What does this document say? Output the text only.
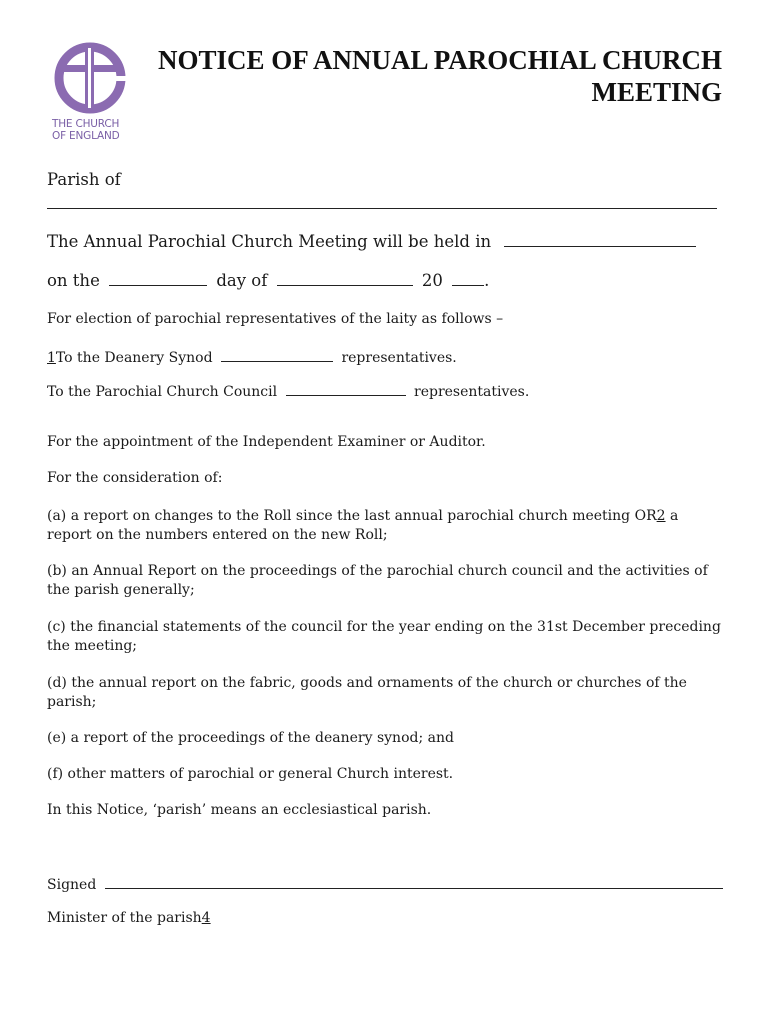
THE CHURCH
OF ENGLAND
NOTICE OF ANNUAL PAROCHIAL CHURCH
MEETING
Parish of
The Annual Parochial Church Meeting will be held in
on the	day of	20	.
For election of parochial representatives of the laity as follows –
1To the Deanery Synod	representatives.
To the Parochial Church Council	representatives.
For the appointment of the Independent Examiner or Auditor.
For the consideration of:
(a) a report on changes to the Roll since the last annual parochial church meeting OR2 a report on the numbers entered on the new Roll;
(b) an Annual Report on the proceedings of the parochial church council and the activities of the parish generally;
(c) the financial statements of the council for the year ending on the 31st December preceding the meeting;
(d) the annual report on the fabric, goods and ornaments of the church or churches of the parish;
(e) a report of the proceedings of the deanery synod; and
(f) other matters of parochial or general Church interest.
In this Notice, ‘parish’ means an ecclesiastical parish.
Signed
Minister of the parish4
